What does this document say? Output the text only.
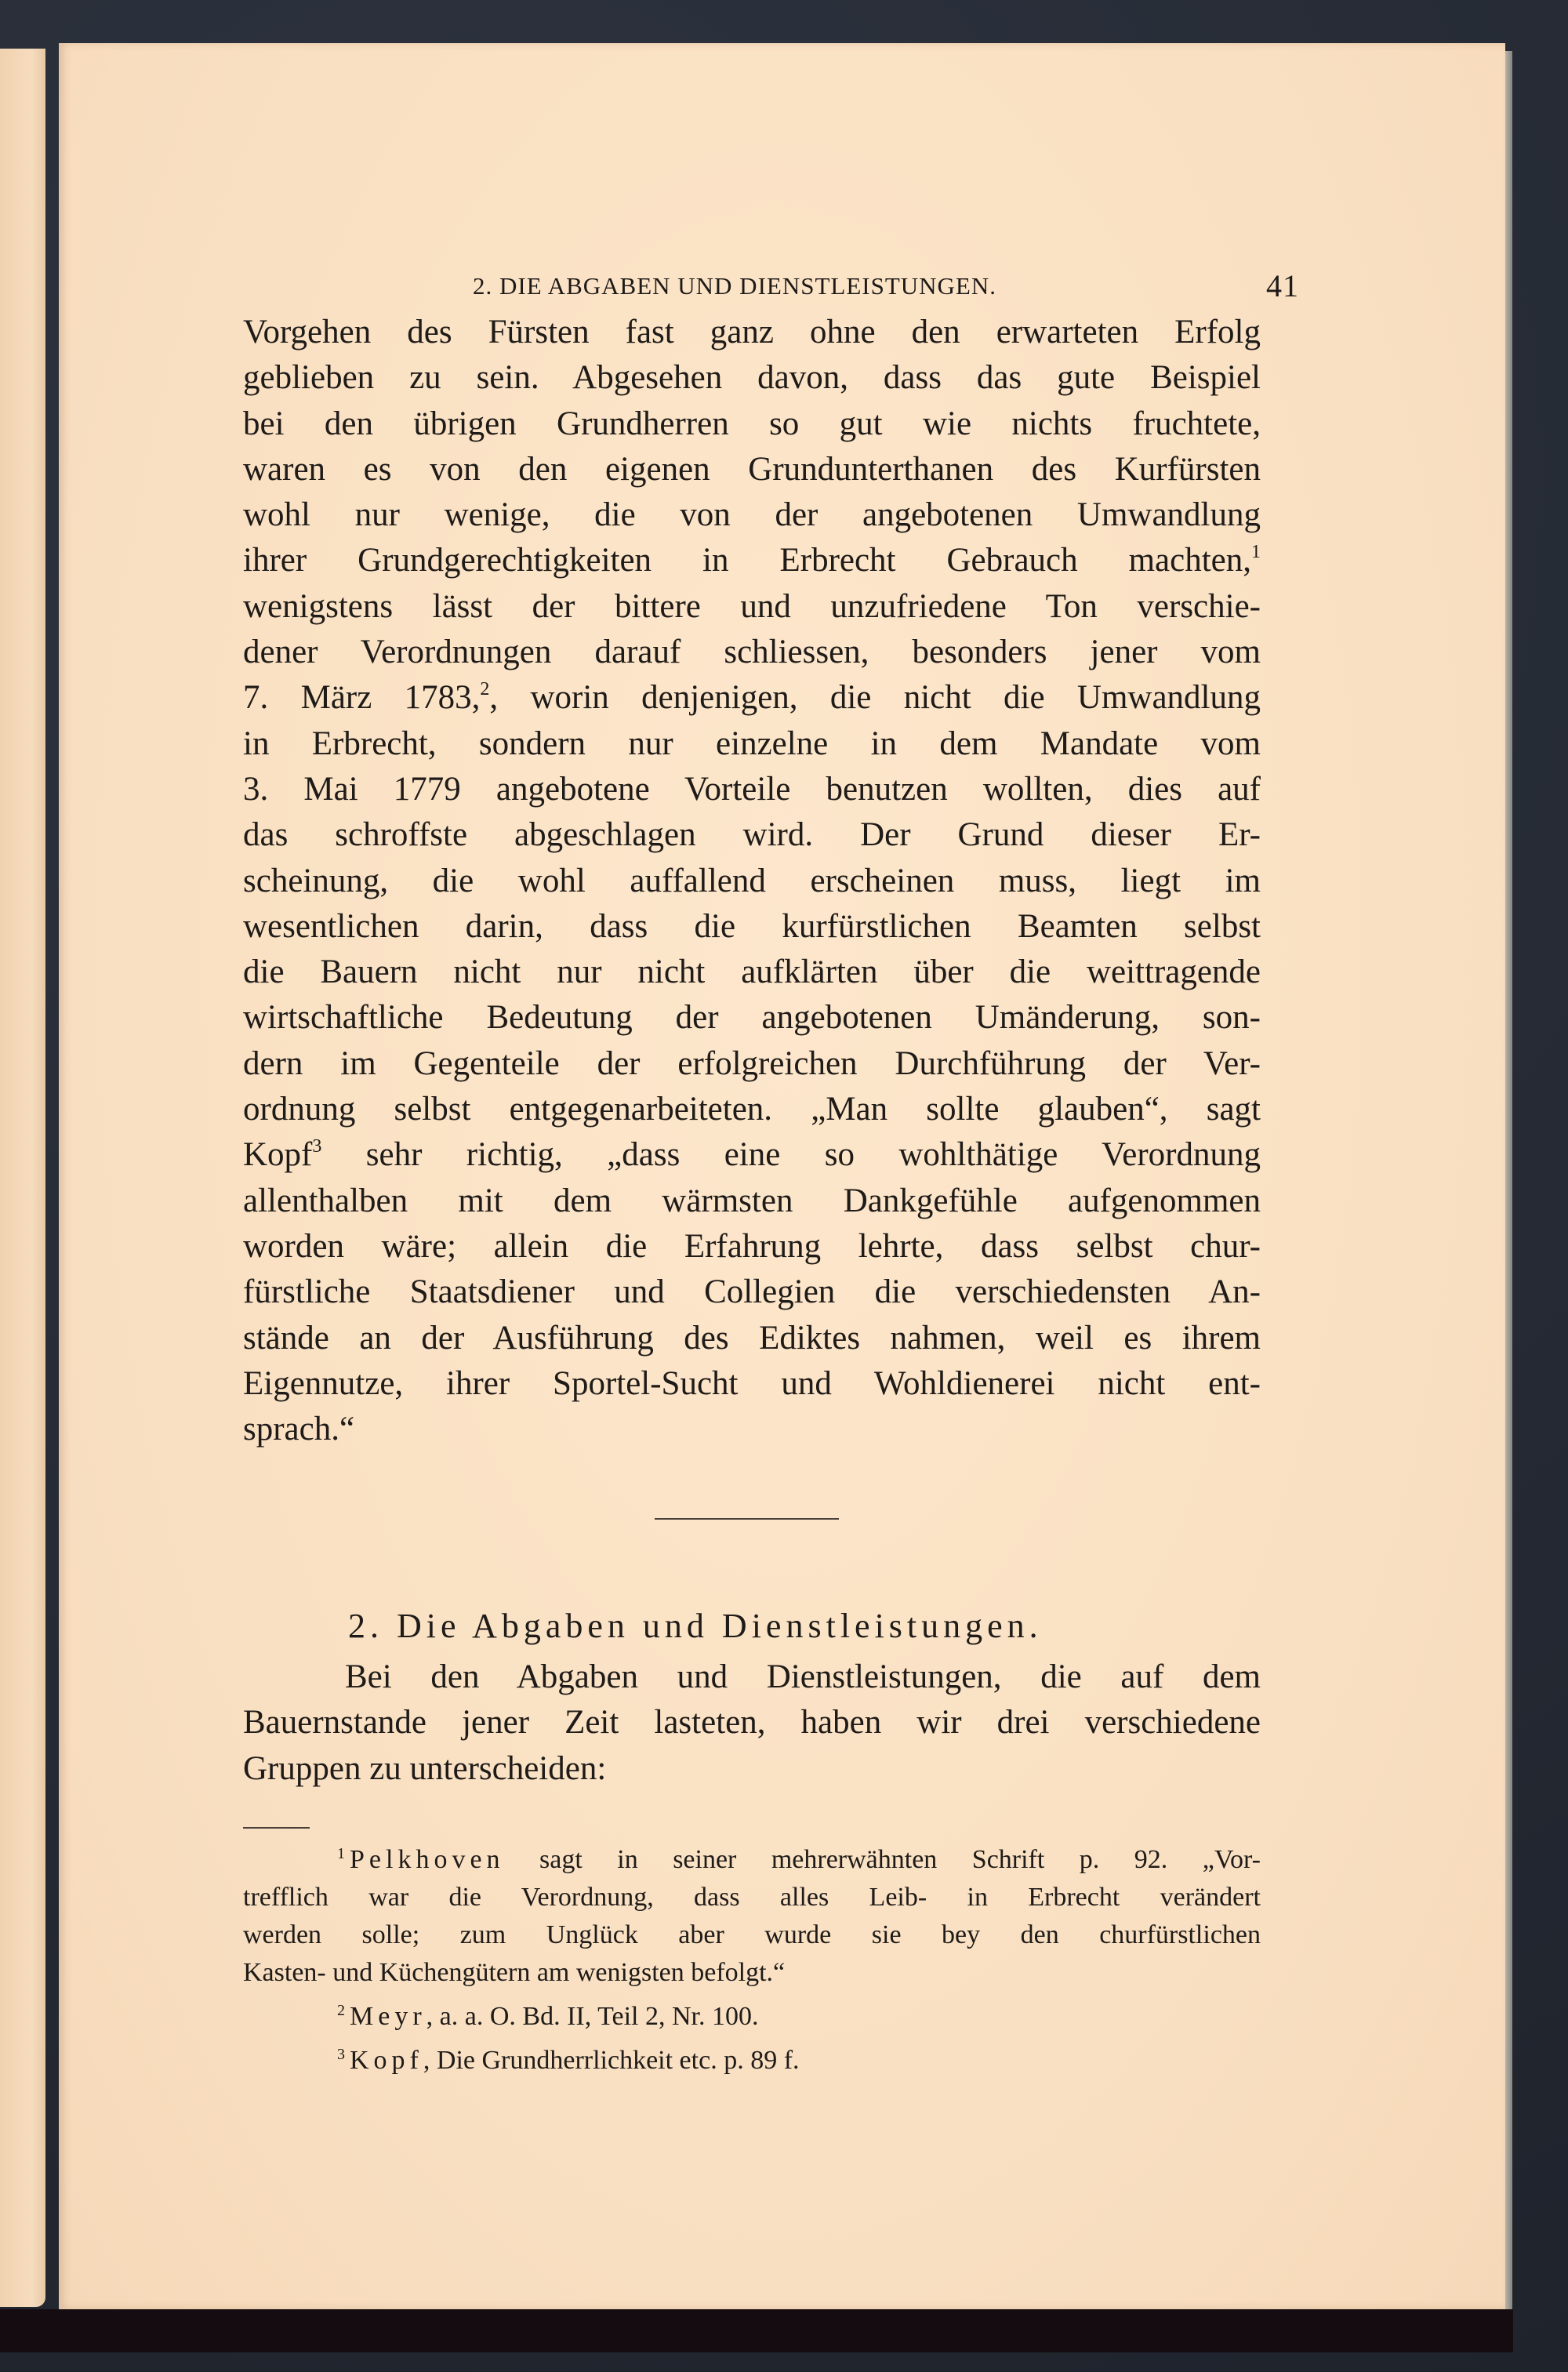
2. DIE ABGABEN UND DIENSTLEISTUNGEN.	41
Vorgehen des Fürsten fast ganz ohne den erwarteten Erfolg
geblieben zu sein. Abgesehen davon, dass das gute Beispiel
bei den übrigen Grundherren so gut wie nichts fruchtete,
waren es von den eigenen Grundunterthanen des Kurfürsten
wohl nur wenige, die von der angebotenen Umwandlung
ihrer Grundgerechtigkeiten in Erbrecht Gebrauch machten,$^1$
wenigstens lässt der bittere und unzufriedene Ton verschie-
dener Verordnungen darauf schliessen, besonders jener vom
7. März 1783,$^2$, worin denjenigen, die nicht die Umwandlung
in Erbrecht, sondern nur einzelne in dem Mandate vom
3. Mai 1779 angebotene Vorteile benutzen wollten, dies auf
das schroffste abgeschlagen wird. Der Grund dieser Er-
scheinung, die wohl auffallend erscheinen muss, liegt im
wesentlichen darin, dass die kurfürstlichen Beamten selbst
die Bauern nicht nur nicht aufklärten über die weittragende
wirtschaftliche Bedeutung der angebotenen Umänderung, son-
dern im Gegenteile der erfolgreichen Durchführung der Ver-
ordnung selbst entgegenarbeiteten. „Man sollte glauben“, sagt
Kopf$^3$ sehr richtig, „dass eine so wohlthätige Verordnung
allenthalben mit dem wärmsten Dankgefühle aufgenommen
worden wäre; allein die Erfahrung lehrte, dass selbst chur-
fürstliche Staatsdiener und Collegien die verschiedensten An-
stände an der Ausführung des Ediktes nahmen, weil es ihrem
Eigennutze, ihrer Sportel-Sucht und Wohldienerei nicht ent-
sprach.“
2. Die Abgaben und Dienstleistungen.
Bei den Abgaben und Dienstleistungen, die auf dem
Bauernstande jener Zeit lasteten, haben wir drei verschiedene
Gruppen zu unterscheiden:
$^1$ Pelkhoven sagt in seiner mehrerwähnten Schrift p. 92. „Vor-
trefflich war die Verordnung, dass alles Leib- in Erbrecht verändert
werden solle; zum Unglück aber wurde sie bey den churfürstlichen
Kasten- und Küchengütern am wenigsten befolgt.“
$^2$ Meyr, a. a. O. Bd. II, Teil 2, Nr. 100.
$^3$ Kopf, Die Grundherrlichkeit etc. p. 89 f.
